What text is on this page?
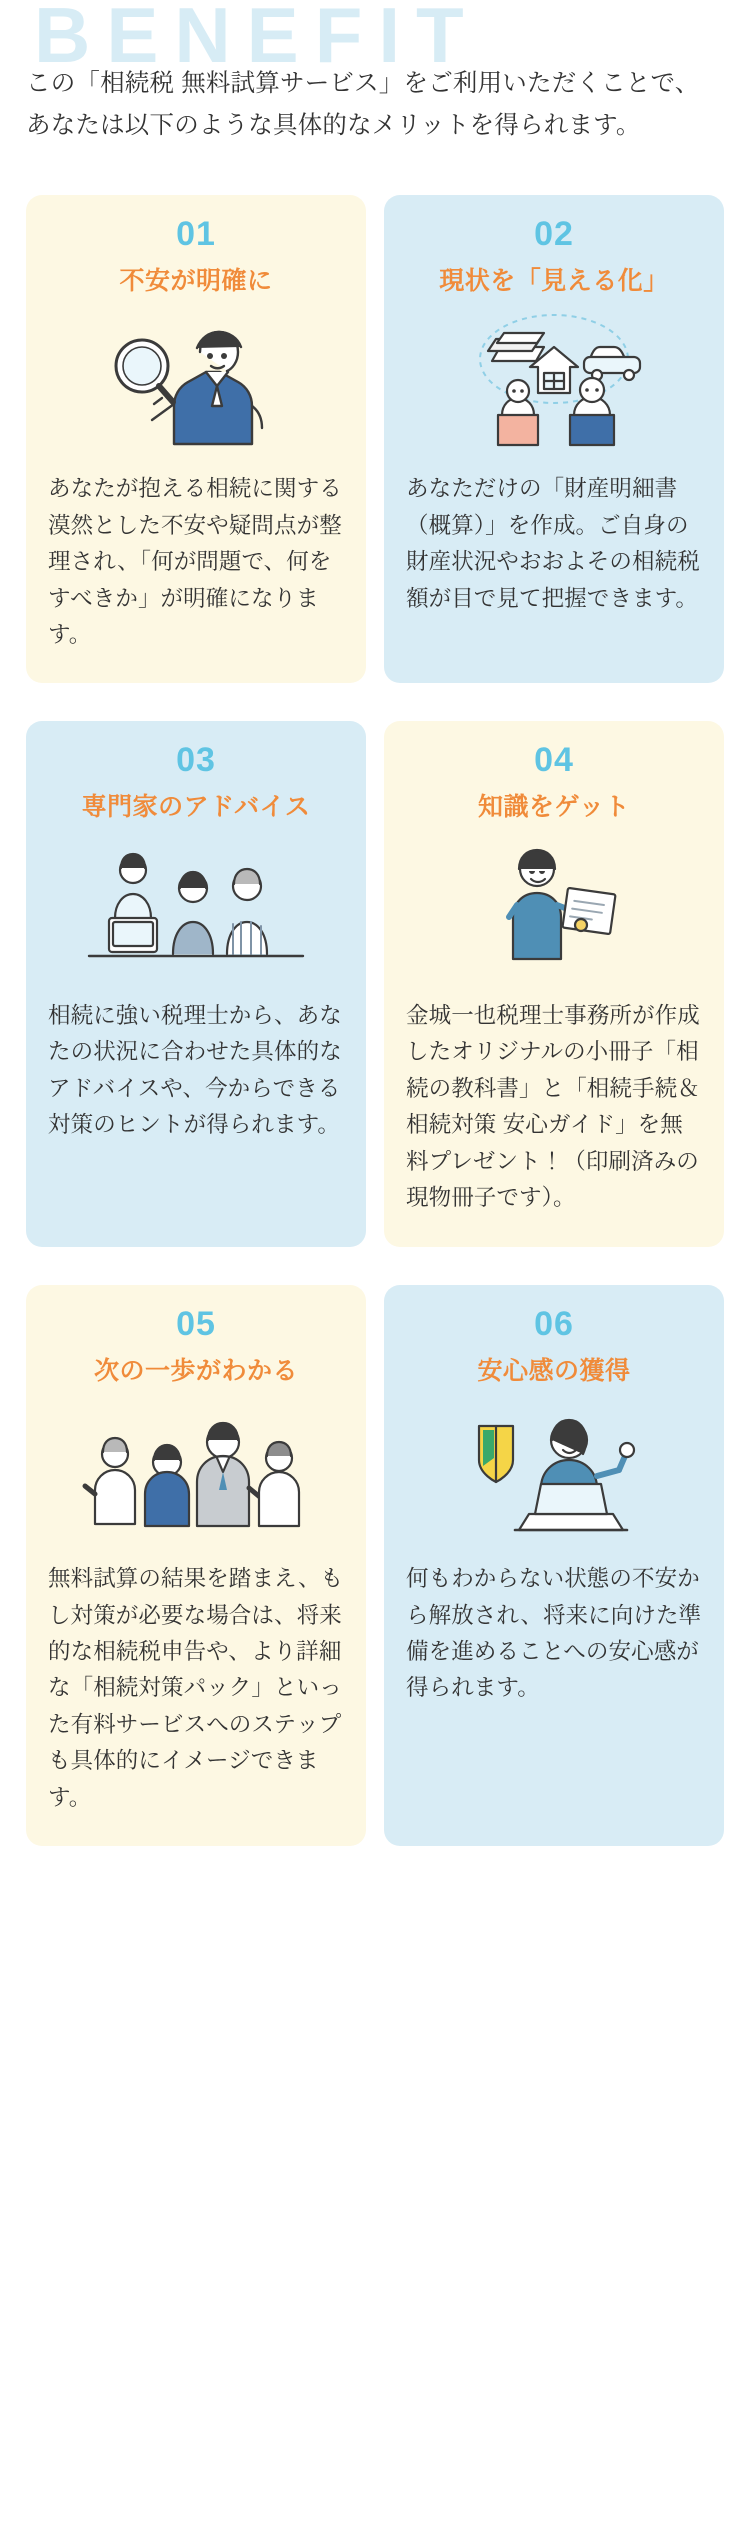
BENEFIT

この「相続税 無料試算サービス」をご利用いただくことで、あなたは以下のような具体的なメリットを得られます。

01
不安が明確に
あなたが抱える相続に関する漠然とした不安や疑問点が整理され、「何が問題で、何をすべきか」が明確になります。
02
現状を「見える化」
あなただけの「財産明細書（概算）」を作成。ご自身の財産状況やおおよその相続税額が目で見て把握できます。
03
専門家のアドバイス
相続に強い税理士から、あなたの状況に合わせた具体的なアドバイスや、今からできる対策のヒントが得られます。
04
知識をゲット
金城一也税理士事務所が作成したオリジナルの小冊子「相続の教科書」と「相続手続＆相続対策 安心ガイド」を無料プレゼント！（印刷済みの現物冊子です）。
05
次の一歩がわかる
無料試算の結果を踏まえ、もし対策が必要な場合は、将来的な相続税申告や、より詳細な「相続対策パック」といった有料サービスへのステップも具体的にイメージできます。
06
安心感の獲得
何もわからない状態の不安から解放され、将来に向けた準備を進めることへの安心感が得られます。
